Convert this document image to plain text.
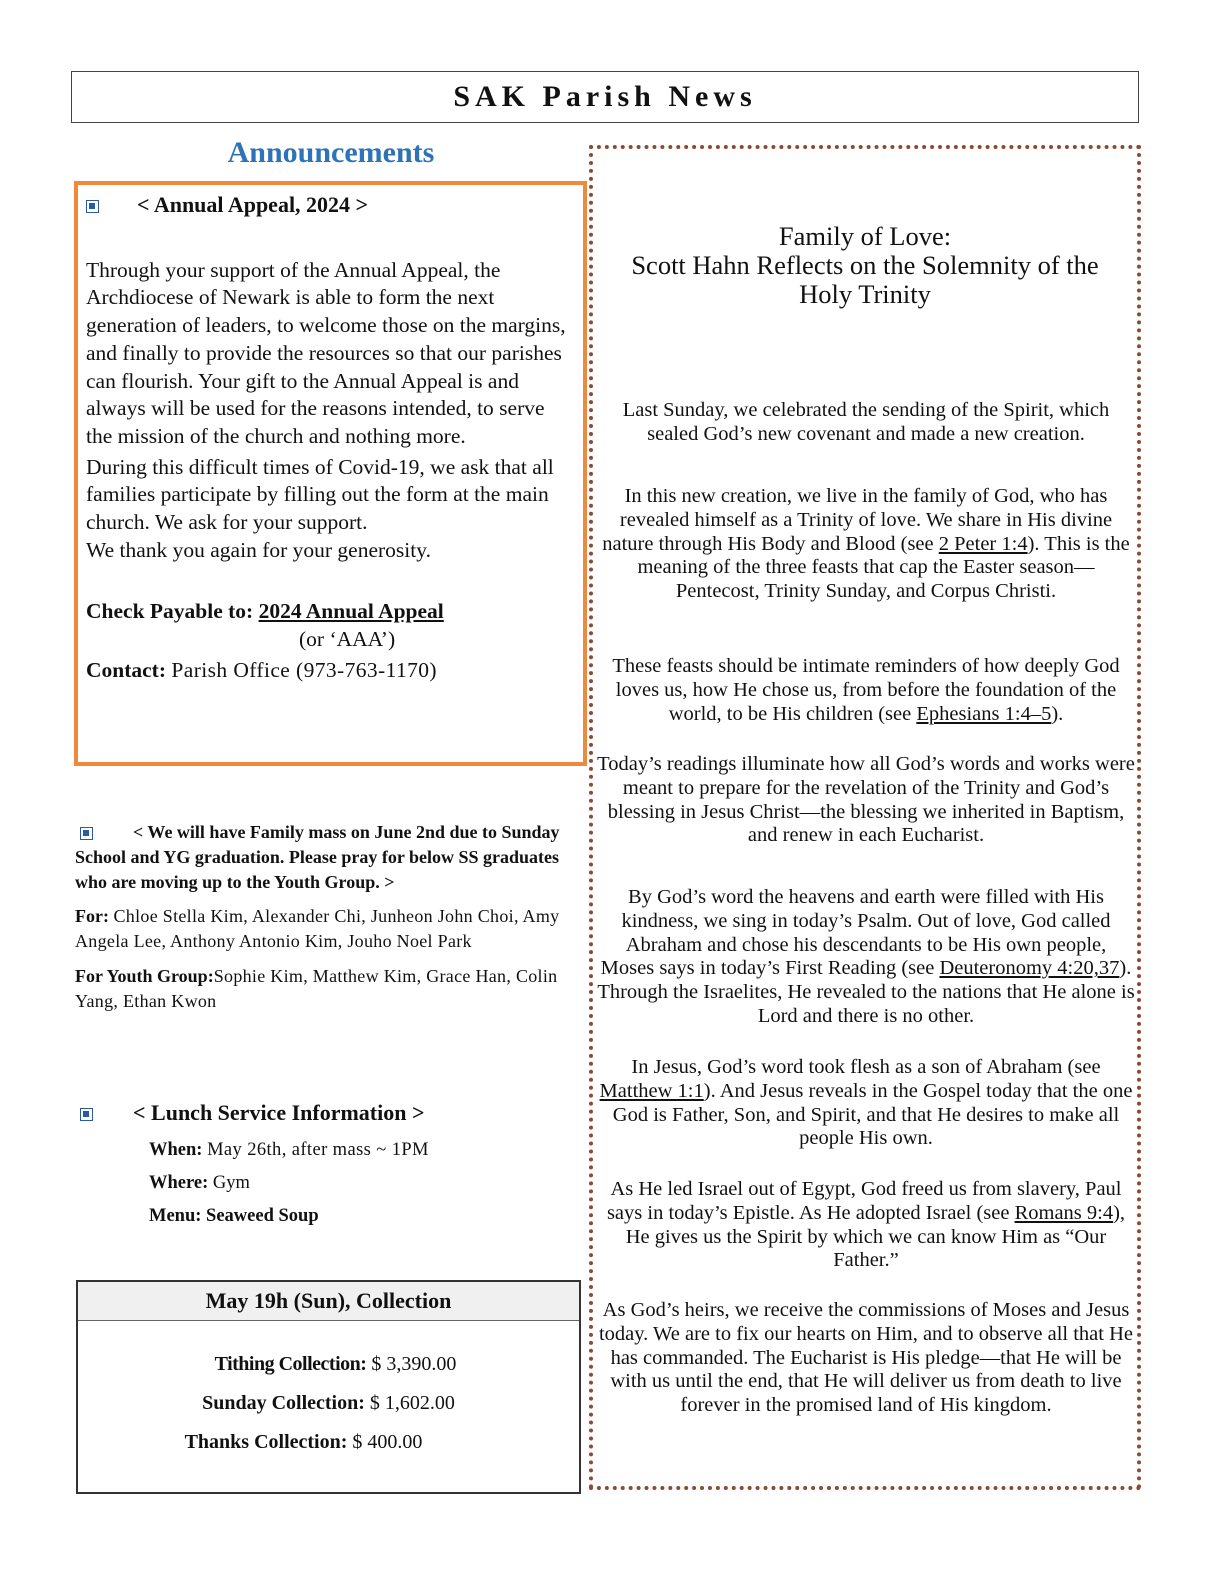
SAK Parish News
Announcements
< Annual Appeal, 2024 >

Through your support of the Annual Appeal, the Archdiocese of Newark is able to form the next generation of leaders, to welcome those on the margins, and finally to provide the resources so that our parishes can flourish. Your gift to the Annual Appeal is and always will be used for the reasons intended, to serve the mission of the church and nothing more.

During this difficult times of Covid-19, we ask that all families participate by filling out the form at the main church. We ask for your support.

We thank you again for your generosity.

Check Payable to: 2024 Annual Appeal

(or ‘AAA’)

Contact: Parish Office (973-763-1170)

< We will have Family mass on June 2nd due to Sunday School and YG graduation. Please pray for below SS graduates who are moving up to the Youth Group. >

For: Chloe Stella Kim, Alexander Chi, Junheon John Choi, Amy Angela Lee, Anthony Antonio Kim, Jouho Noel Park

For Youth Group:Sophie Kim, Matthew Kim, Grace Han, Colin Yang, Ethan Kwon

< Lunch Service Information >
When: May 26th, after mass ~ 1PM
Where: Gym
Menu: Seaweed Soup
May 19h (Sun), Collection
Tithing Collection: $ 3,390.00
Sunday Collection: $ 1,602.00
Thanks Collection: $ 400.00
Family of Love:
Scott Hahn Reflects on the Solemnity of the Holy Trinity

Last Sunday, we celebrated the sending of the Spirit, which sealed God’s new covenant and made a new creation.

In this new creation, we live in the family of God, who has revealed himself as a Trinity of love. We share in His divine nature through His Body and Blood (see 2 Peter 1:4). This is the meaning of the three feasts that cap the Easter season— Pentecost, Trinity Sunday, and Corpus Christi.

These feasts should be intimate reminders of how deeply God loves us, how He chose us, from before the foundation of the world, to be His children (see Ephesians 1:4–5).

Today’s readings illuminate how all God’s words and works were meant to prepare for the revelation of the Trinity and God’s blessing in Jesus Christ—the blessing we inherited in Baptism, and renew in each Eucharist.

By God’s word the heavens and earth were filled with His kindness, we sing in today’s Psalm. Out of love, God called Abraham and chose his descendants to be His own people, Moses says in today’s First Reading (see Deuteronomy 4:20,37). Through the Israelites, He revealed to the nations that He alone is Lord and there is no other.

In Jesus, God’s word took flesh as a son of Abraham (see Matthew 1:1). And Jesus reveals in the Gospel today that the one God is Father, Son, and Spirit, and that He desires to make all people His own.

As He led Israel out of Egypt, God freed us from slavery, Paul says in today’s Epistle. As He adopted Israel (see Romans 9:4), He gives us the Spirit by which we can know Him as “Our Father.”

As God’s heirs, we receive the commissions of Moses and Jesus today. We are to fix our hearts on Him, and to observe all that He has commanded. The Eucharist is His pledge—that He will be with us until the end, that He will deliver us from death to live forever in the promised land of His kingdom.
